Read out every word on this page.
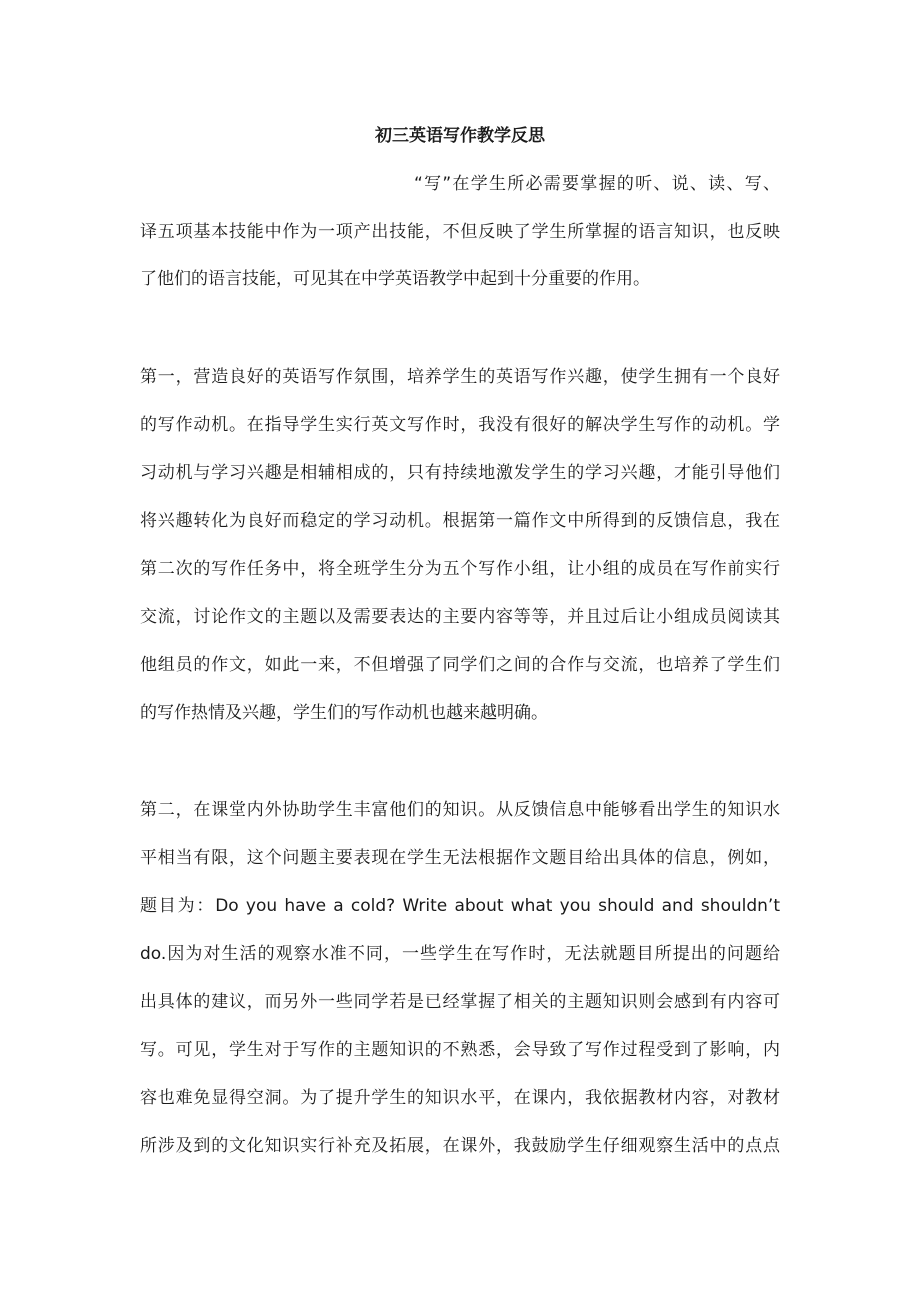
初三英语写作教学反思
“写”在学生所必需要掌握的听、说、读、写、
译五项基本技能中作为一项产出技能，不但反映了学生所掌握的语言知识，也反映
了他们的语言技能，可见其在中学英语教学中起到十分重要的作用。
第一，营造良好的英语写作氛围，培养学生的英语写作兴趣，使学生拥有一个良好
的写作动机。在指导学生实行英文写作时，我没有很好的解决学生写作的动机。学
习动机与学习兴趣是相辅相成的，只有持续地激发学生的学习兴趣，才能引导他们
将兴趣转化为良好而稳定的学习动机。根据第一篇作文中所得到的反馈信息，我在
第二次的写作任务中，将全班学生分为五个写作小组，让小组的成员在写作前实行
交流，讨论作文的主题以及需要表达的主要内容等等，并且过后让小组成员阅读其
他组员的作文，如此一来，不但增强了同学们之间的合作与交流，也培养了学生们
的写作热情及兴趣，学生们的写作动机也越来越明确。
第二，在课堂内外协助学生丰富他们的知识。从反馈信息中能够看出学生的知识水
平相当有限，这个问题主要表现在学生无法根据作文题目给出具体的信息，例如，
题目为：Do you have a cold? Write about what you should and shouldn’t
do.因为对生活的观察水准不同，一些学生在写作时，无法就题目所提出的问题给
出具体的建议，而另外一些同学若是已经掌握了相关的主题知识则会感到有内容可
写。可见，学生对于写作的主题知识的不熟悉，会导致了写作过程受到了影响，内
容也难免显得空洞。为了提升学生的知识水平，在课内，我依据教材内容，对教材
所涉及到的文化知识实行补充及拓展，在课外，我鼓励学生仔细观察生活中的点点
